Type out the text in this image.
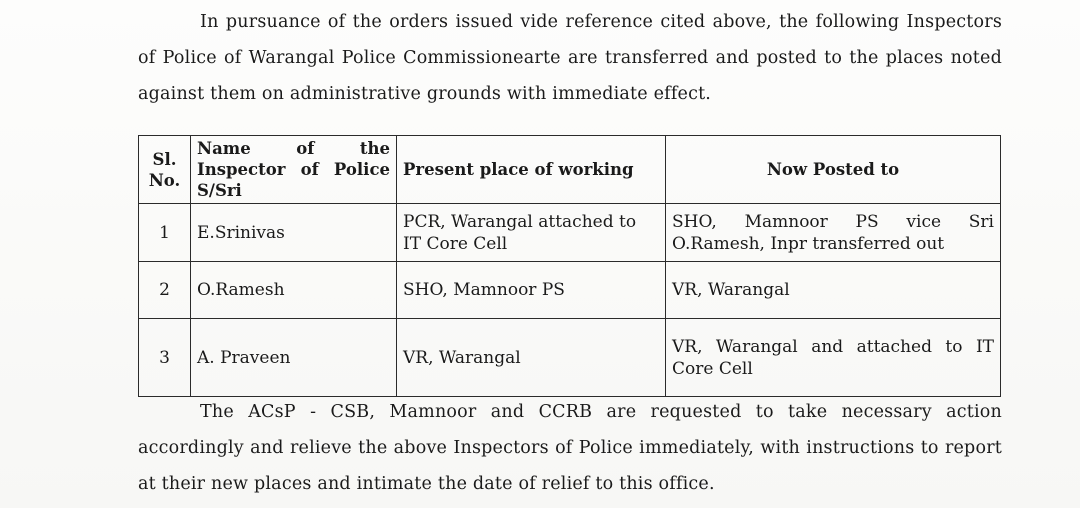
In pursuance of the orders issued vide reference cited above, the following Inspectors of Police of Warangal Police Commissionearte are transferred and posted to the places noted against them on administrative grounds with immediate effect.

Sl. No.	Name of the Inspector of Police S/Sri	Present place of working	Now Posted to
1	E.Srinivas	PCR, Warangal attached to IT Core Cell	SHO, Mamnoor PS vice Sri O.Ramesh, Inpr transferred out
2	O.Ramesh	SHO, Mamnoor PS	VR, Warangal
3	A. Praveen	VR, Warangal	VR, Warangal and attached to IT Core Cell

The ACsP - CSB, Mamnoor and CCRB are requested to take necessary action accordingly and relieve the above Inspectors of Police immediately, with instructions to report at their new places and intimate the date of relief to this office.
